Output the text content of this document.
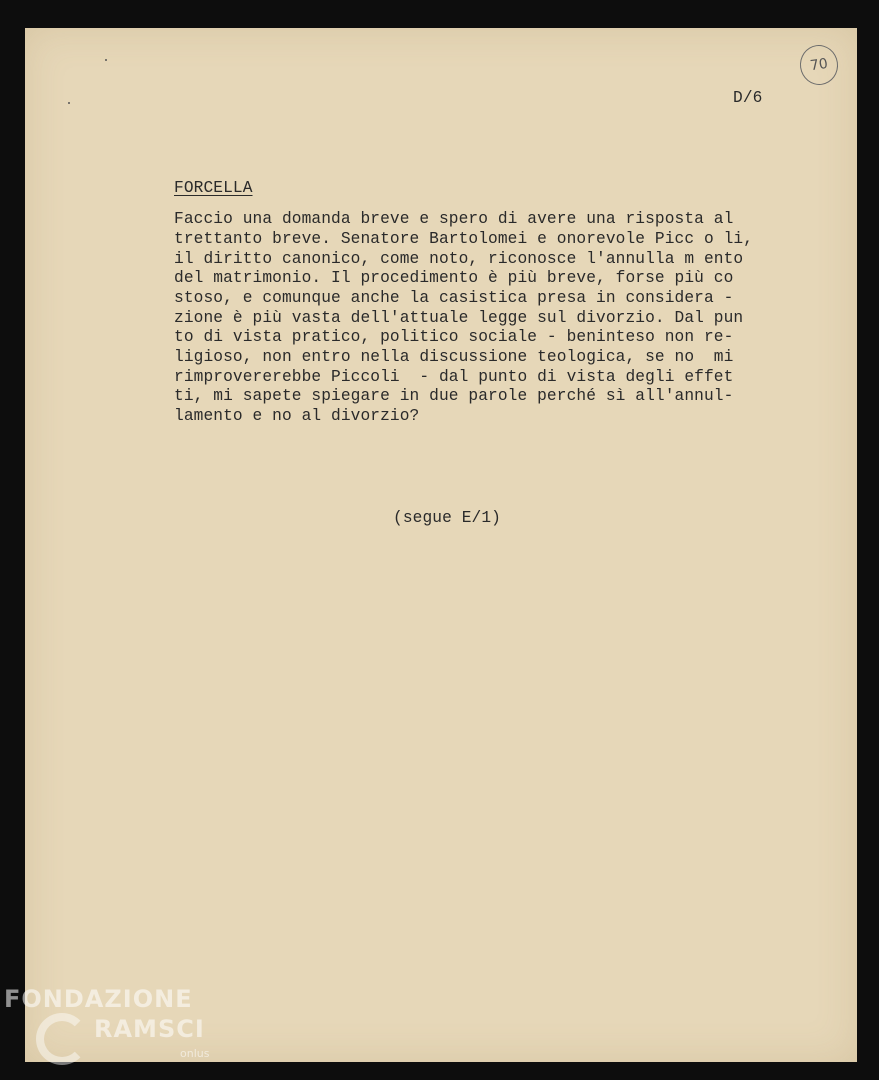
70
D/6
FORCELLA
Faccio una domanda breve e spero di avere una risposta al
trettanto breve. Senatore Bartolomei e onorevole Picc o li,
il diritto canonico, come noto, riconosce l'annulla m ento
del matrimonio. Il procedimento è più breve, forse più co
stoso, e comunque anche la casistica presa in considera -
zione è più vasta dell'attuale legge sul divorzio. Dal pun
to di vista pratico, politico sociale - beninteso non re-
ligioso, non entro nella discussione teologica, se no  mi
rimprovererebbe Piccoli  - dal punto di vista degli effet
ti, mi sapete spiegare in due parole perché sì all'annul-
lamento e no al divorzio?
(segue E/1)
FONDAZIONE
RAMSCI
onlus
